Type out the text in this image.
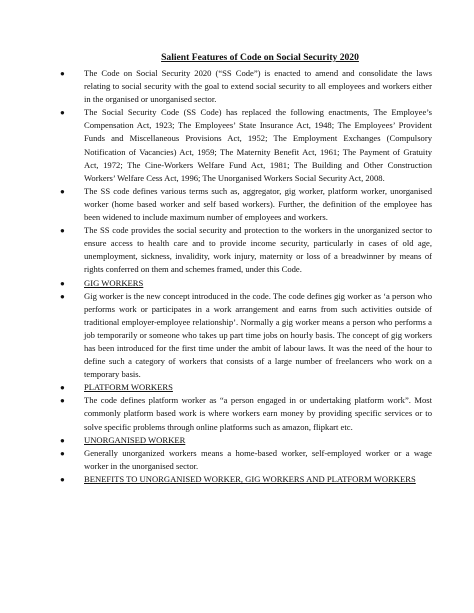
Salient Features of Code on Social Security 2020
● The Code on Social Security 2020 (“SS Code”) is enacted to amend and consolidate the laws relating to social security with the goal to extend social security to all employees and workers either in the organised or unorganised sector.
● The Social Security Code (SS Code) has replaced the following enactments, The Employee’s Compensation Act, 1923; The Employees’ State Insurance Act, 1948; The Employees’ Provident Funds and Miscellaneous Provisions Act, 1952; The Employment Exchanges (Compulsory Notification of Vacancies) Act, 1959; The Maternity Benefit Act, 1961; The Payment of Gratuity Act, 1972; The Cine-Workers Welfare Fund Act, 1981; The Building and Other Construction Workers’ Welfare Cess Act, 1996; The Unorganised Workers Social Security Act, 2008.
● The SS code defines various terms such as, aggregator, gig worker, platform worker, unorganised worker (home based worker and self based workers). Further, the definition of the employee has been widened to include maximum number of employees and workers.
● The SS code provides the social security and protection to the workers in the unorganized sector to ensure access to health care and to provide income security, particularly in cases of old age, unemployment, sickness, invalidity, work injury, maternity or loss of a breadwinner by means of rights conferred on them and schemes framed, under this Code.
● GIG WORKERS
● Gig worker is the new concept introduced in the code. The code defines gig worker as ‘a person who performs work or participates in a work arrangement and earns from such activities outside of traditional employer-employee relationship’. Normally a gig worker means a person who performs a job temporarily or someone who takes up part time jobs on hourly basis. The concept of gig workers has been introduced for the first time under the ambit of labour laws. It was the need of the hour to define such a category of workers that consists of a large number of freelancers who work on a temporary basis.
● PLATFORM WORKERS
● The code defines platform worker as “a person engaged in or undertaking platform work”. Most commonly platform based work is where workers earn money by providing specific services or to solve specific problems through online platforms such as amazon, flipkart etc.
● UNORGANISED WORKER
● Generally unorganized workers means a home-based worker, self-employed worker or a wage worker in the unorganised sector.
● BENEFITS TO UNORGANISED WORKER, GIG WORKERS AND PLATFORM WORKERS
